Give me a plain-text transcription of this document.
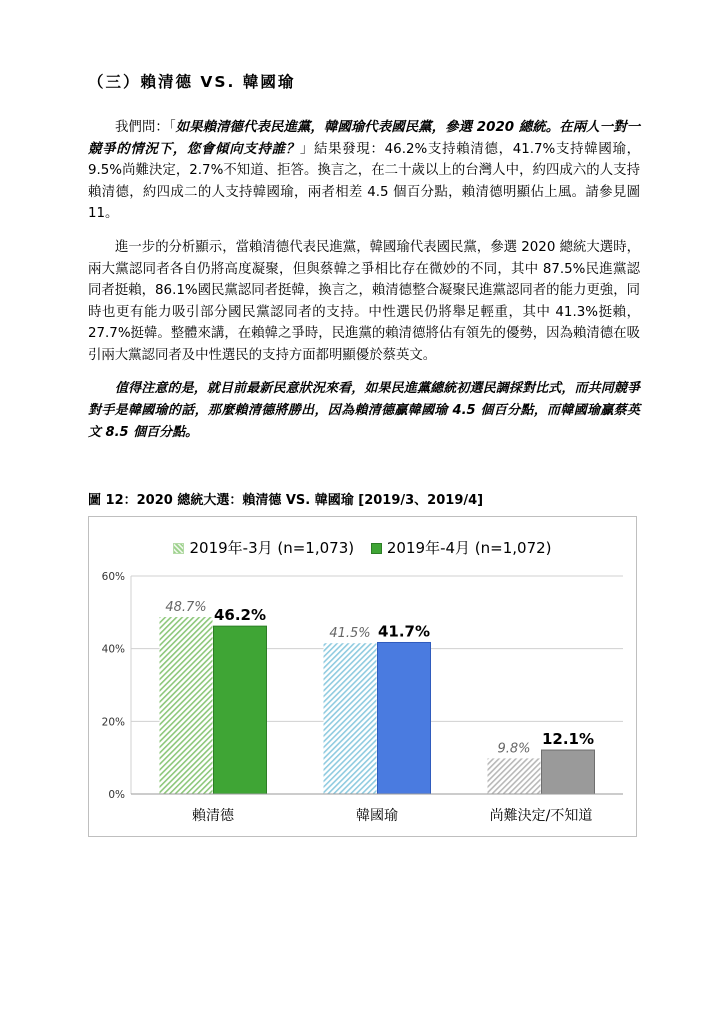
（三）賴清德 VS. 韓國瑜

我們問：「如果賴清德代表民進黨，韓國瑜代表國民黨，參選 2020 總統。在兩人一對一競爭的情況下，您會傾向支持誰？」結果發現：46.2%支持賴清德，41.7%支持韓國瑜，9.5%尚難決定，2.7%不知道、拒答。換言之，在二十歲以上的台灣人中，約四成六的人支持賴清德，約四成二的人支持韓國瑜，兩者相差 4.5 個百分點，賴清德明顯佔上風。請參見圖 11。

進一步的分析顯示，當賴清德代表民進黨，韓國瑜代表國民黨，參選 2020 總統大選時，兩大黨認同者各自仍將高度凝聚，但與蔡韓之爭相比存在微妙的不同，其中 87.5%民進黨認同者挺賴，86.1%國民黨認同者挺韓，換言之，賴清德整合凝聚民進黨認同者的能力更強，同時也更有能力吸引部分國民黨認同者的支持。中性選民仍將舉足輕重，其中 41.3%挺賴，27.7%挺韓。整體來講，在賴韓之爭時，民進黨的賴清德將佔有領先的優勢，因為賴清德在吸引兩大黨認同者及中性選民的支持方面都明顯優於蔡英文。

值得注意的是，就目前最新民意狀況來看，如果民進黨總統初選民調採對比式，而共同競爭對手是韓國瑜的話，那麼賴清德將勝出，因為賴清德贏韓國瑜 4.5 個百分點，而韓國瑜贏蔡英文 8.5 個百分點。

圖 12：2020 總統大選：賴清德 VS. 韓國瑜 [2019/3、2019/4]
2019年-3月 (n=1,073) 2019年-4月 (n=1,072)
0%
20%
40%
60%
48.7% 46.2%
賴清德
41.5% 41.7%
韓國瑜
9.8%
12.1%
尚難決定/不知道
